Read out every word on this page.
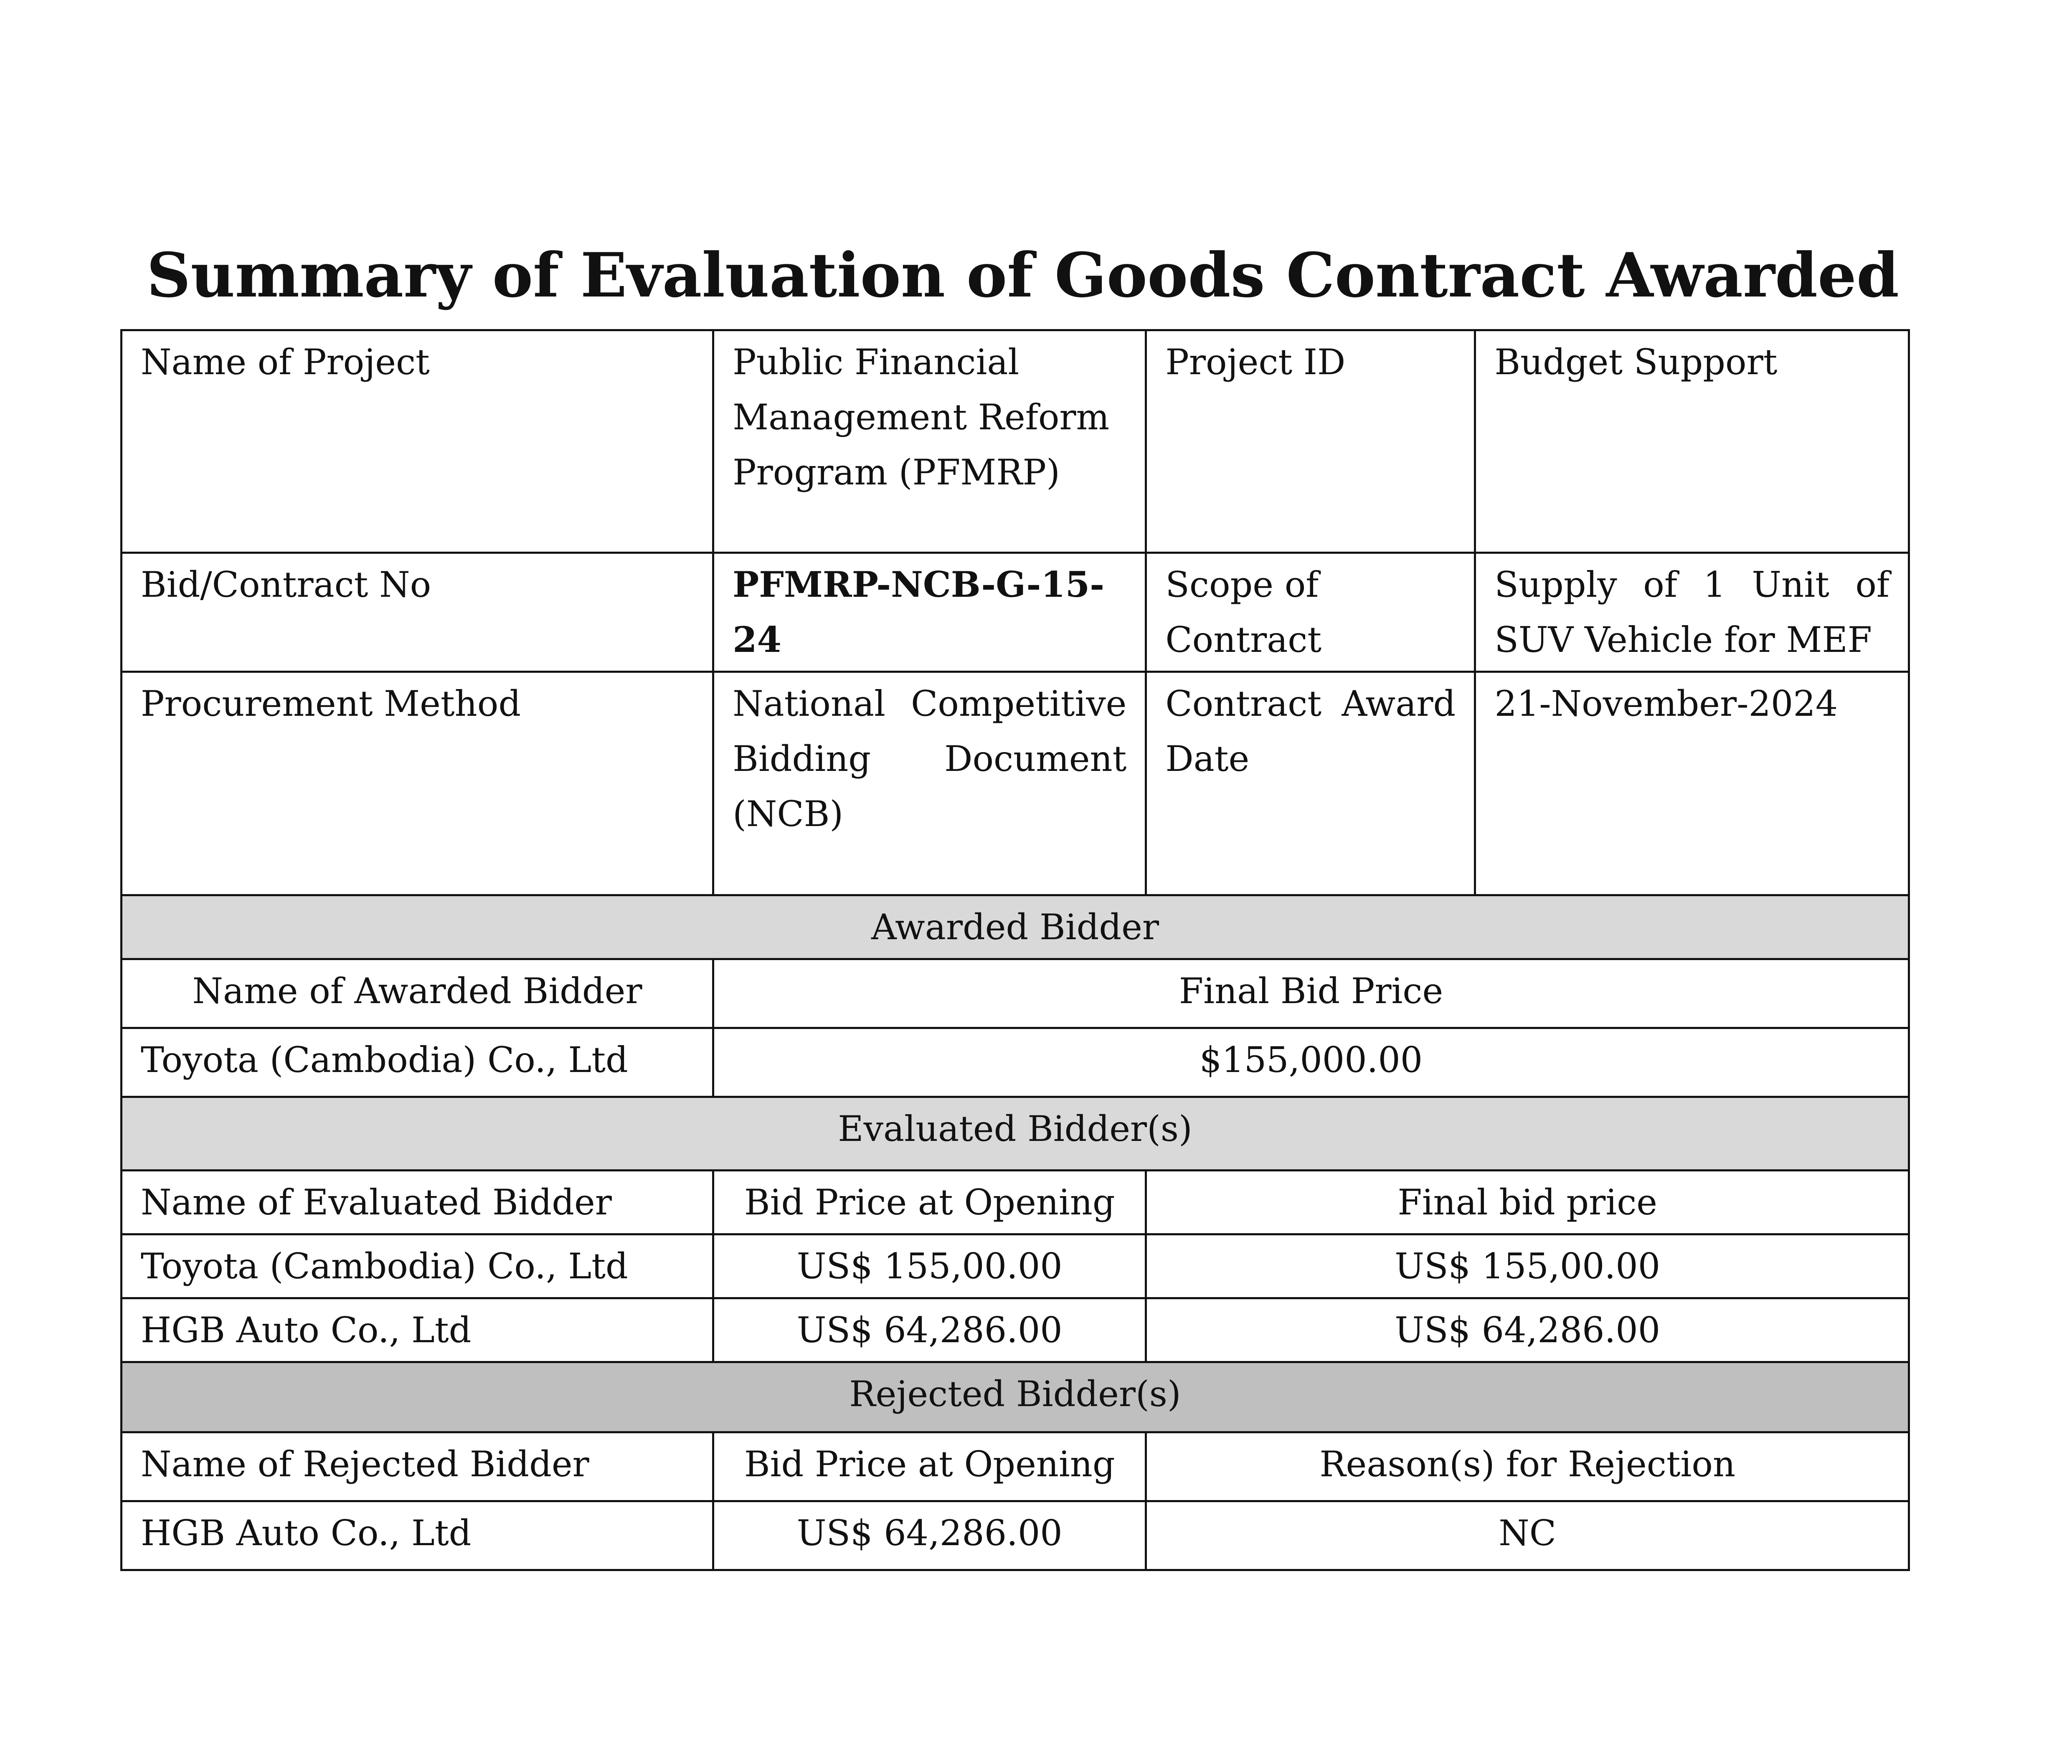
Summary of Evaluation of Goods Contract Awarded
Name of Project	Public Financial Management Reform Program (PFMRP)	Project ID	Budget Support
Bid/Contract No	PFMRP-NCB-G-15-24	Scope of Contract	Supply of 1 Unit of SUV Vehicle for MEF
Procurement Method	National Competitive Bidding Document (NCB)	Contract Award Date	21-November-2024
Awarded Bidder			
Name of Awarded Bidder	Final Bid Price		
Toyota (Cambodia) Co., Ltd	$155,000.00		
Evaluated Bidder(s)			
Name of Evaluated Bidder	Bid Price at Opening	Final bid price	
Toyota (Cambodia) Co., Ltd	US$ 155,00.00	US$ 155,00.00	
HGB Auto Co., Ltd	US$ 64,286.00	US$ 64,286.00	
Rejected Bidder(s)			
Name of Rejected Bidder	Bid Price at Opening	Reason(s) for Rejection	
HGB Auto Co., Ltd	US$ 64,286.00	NC	
